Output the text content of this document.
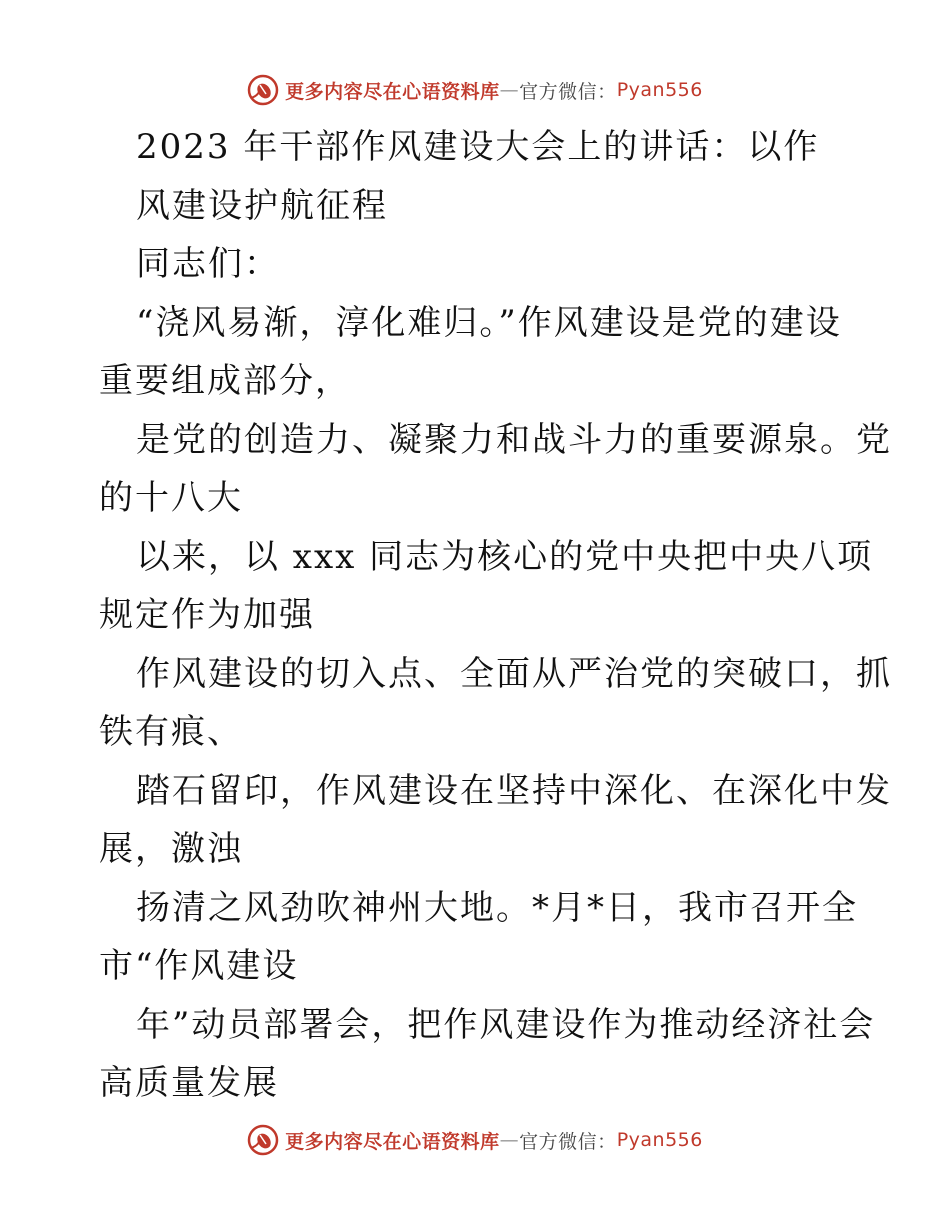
更多内容尽在心语资料库 — 官方微信： Pyan556
2023 年干部作风建设大会上的讲话：以作
风建设护航征程
同志们：
“浇风易渐，淳化难归。”作风建设是党的建设
重要组成部分，
是党的创造力、凝聚力和战斗力的重要源泉。党
的十八大
以来，以 xxx 同志为核心的党中央把中央八项
规定作为加强
作风建设的切入点、全面从严治党的突破口，抓
铁有痕、
踏石留印，作风建设在坚持中深化、在深化中发
展，激浊
扬清之风劲吹神州大地。*月*日，我市召开全
市“作风建设
年”动员部署会，把作风建设作为推动经济社会
高质量发展
更多内容尽在心语资料库 — 官方微信： Pyan556
